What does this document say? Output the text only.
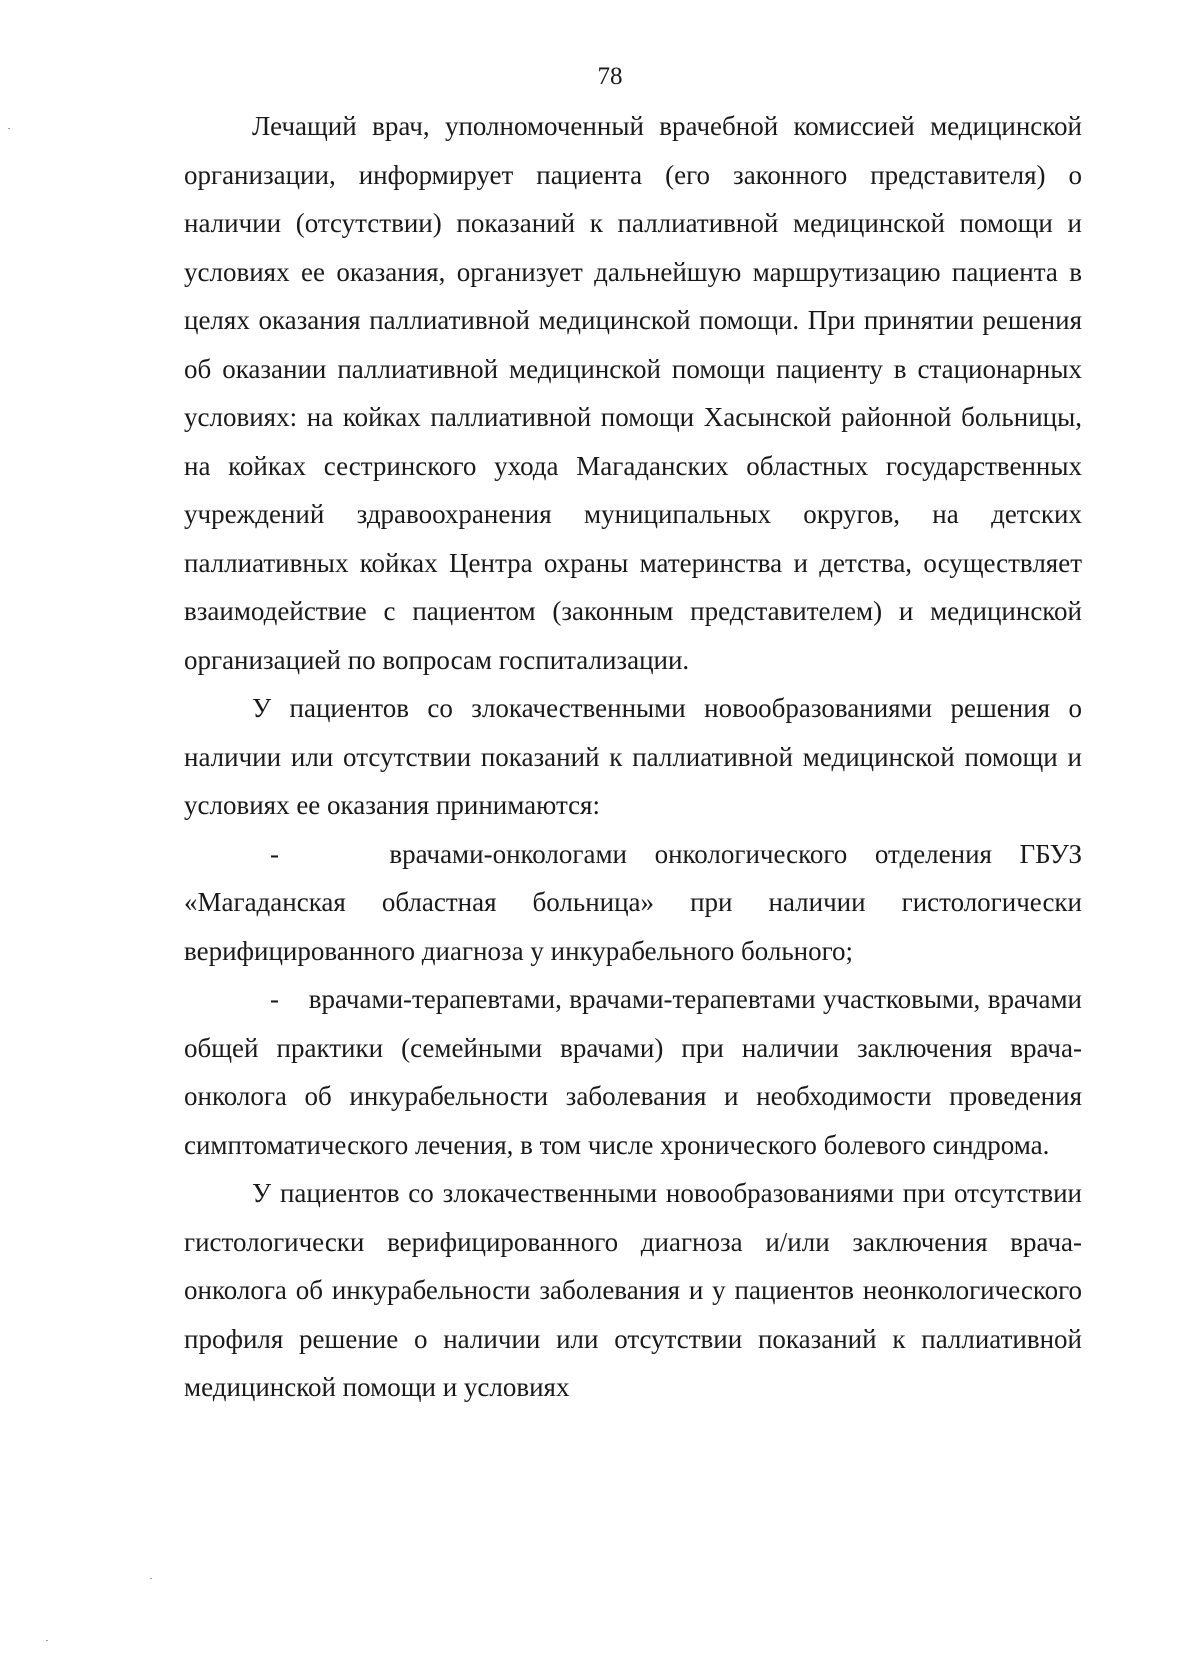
78

Лечащий врач, уполномоченный врачебной комиссией медицинской организации, информирует пациента (его законного представителя) о наличии (отсутствии) показаний к паллиативной медицинской помощи и условиях ее оказания, организует дальнейшую маршрутизацию пациента в целях оказания паллиативной медицинской помощи. При принятии решения об оказании паллиативной медицинской помощи пациенту в стационарных условиях: на койках паллиативной помощи Хасынской районной больницы, на койках сестринского ухода Магаданских областных государственных учреждений здравоохранения муниципальных округов, на детских паллиативных койках Центра охраны материнства и детства, осуществляет взаимодействие с пациентом (законным представителем) и медицинской организацией по вопросам госпитализации.

У пациентов со злокачественными новообразованиями решения о наличии или отсутствии показаний к паллиативной медицинской помощи и условиях ее оказания принимаются:

-    врачами-онкологами онкологического отделения ГБУЗ «Магаданская областная больница» при наличии гистологически верифицированного диагноза у инкурабельного больного;

-    врачами-терапевтами, врачами-терапевтами участковыми, врачами общей практики (семейными врачами) при наличии заключения врача-онколога об инкурабельности заболевания и необходимости проведения симптоматического лечения, в том числе хронического болевого синдрома.

У пациентов со злокачественными новообразованиями при отсутствии гистологически верифицированного диагноза и/или заключения врача-онколога об инкурабельности заболевания и у пациентов неонкологического профиля решение о наличии или отсутствии показаний к паллиативной медицинской помощи и условиях
